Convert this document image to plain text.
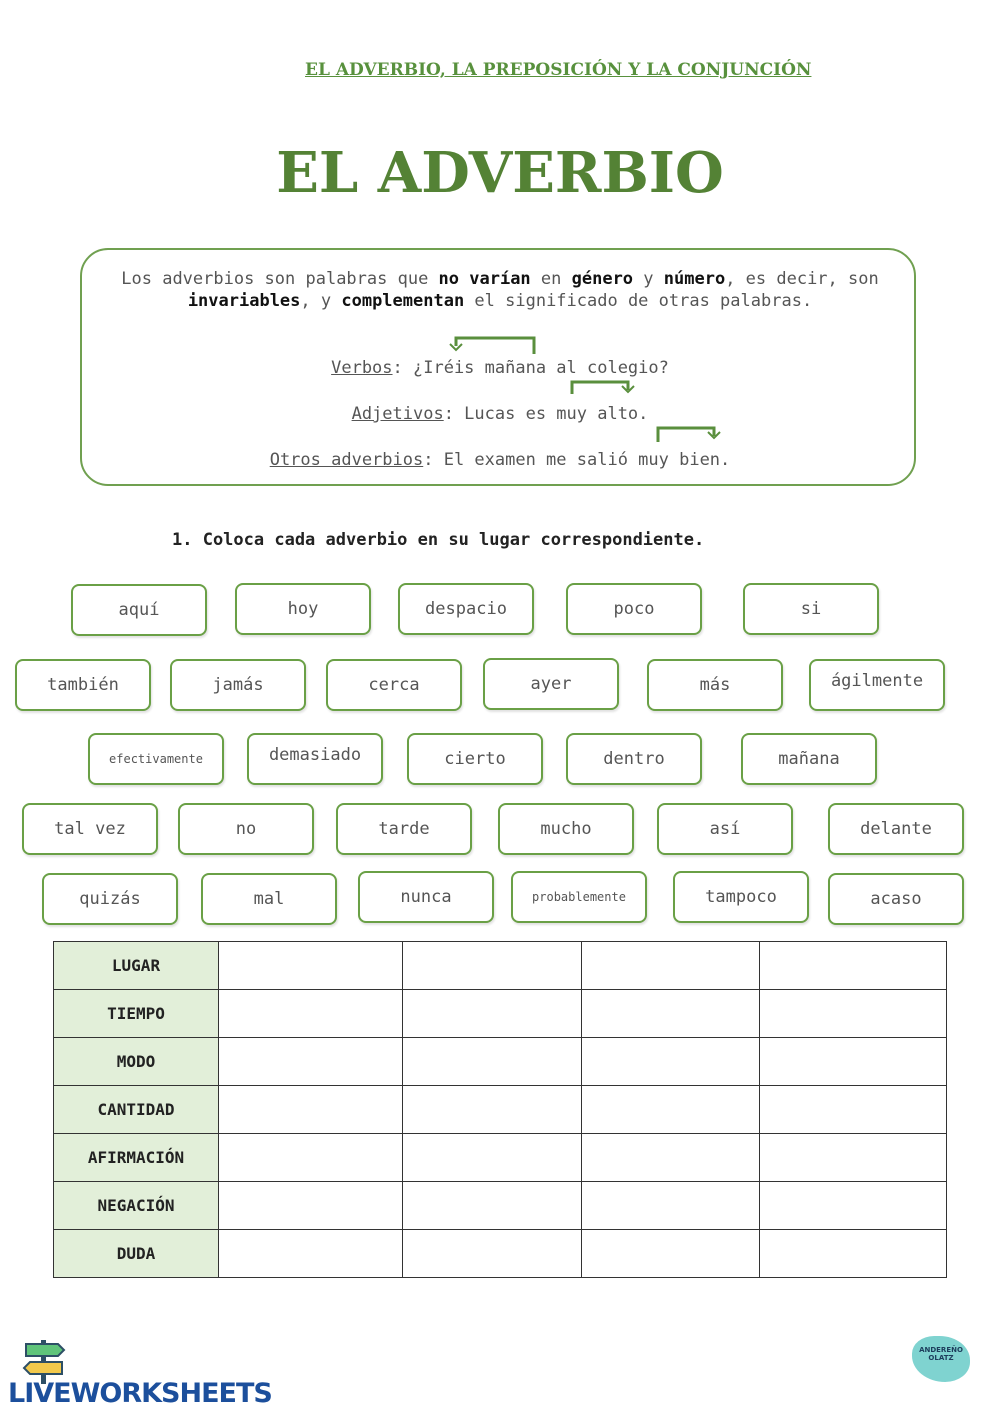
EL ADVERBIO, LA PREPOSICIÓN Y LA CONJUNCIÓN
EL ADVERBIO
Los adverbios son palabras que no varían en género y número, es decir, son invariables, y complementan el significado de otras palabras.
Verbos: ¿Iréis mañana al colegio?
Adjetivos: Lucas es muy alto.
Otros adverbios: El examen me salió muy bien.
1. Coloca cada adverbio en su lugar correspondiente.
aquí	hoy	despacio	poco	si
también	jamás	cerca	ayer	más	ágilmente
efectivamente	demasiado	cierto	dentro	mañana
tal vez	no	tarde	mucho	así	delante
quizás	mal	nunca	probablemente	tampoco	acaso
LUGAR				
TIEMPO				
MODO				
CANTIDAD				
AFIRMACIÓN				
NEGACIÓN				
DUDA				
LIVEWORKSHEETS
ANDEREÑO OLATZ
